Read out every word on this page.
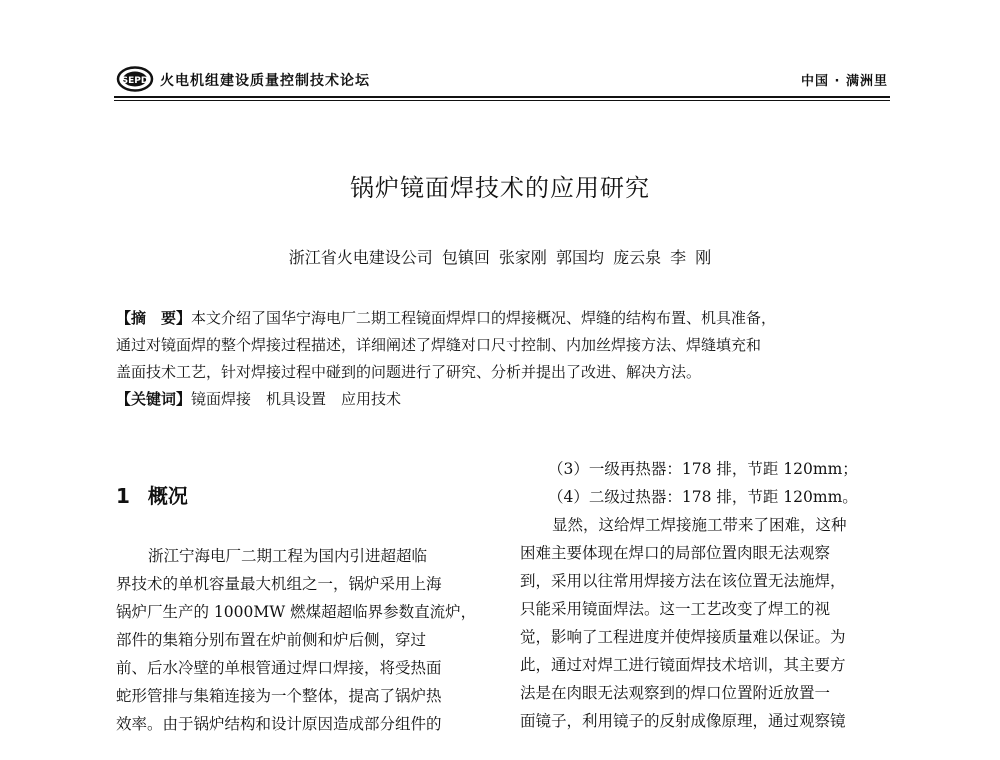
SEPD 火电机组建设质量控制技术论坛	中国 · 满洲里
锅炉镜面焊技术的应用研究
浙江省火电建设公司 包镇回 张家刚 郭国均 庞云泉 李 刚
【摘　要】本文介绍了国华宁海电厂二期工程镜面焊焊口的焊接概况、焊缝的结构布置、机具准备，
通过对镜面焊的整个焊接过程描述，详细阐述了焊缝对口尺寸控制、内加丝焊接方法、焊缝填充和
盖面技术工艺，针对焊接过程中碰到的问题进行了研究、分析并提出了改进、解决方法。
【关键词】镜面焊接　机具设置　应用技术
1 概况
浙江宁海电厂二期工程为国内引进超超临
界技术的单机容量最大机组之一，锅炉采用上海
锅炉厂生产的 1000MW 燃煤超超临界参数直流炉，
部件的集箱分别布置在炉前侧和炉后侧，穿过
前、后水冷壁的单根管通过焊口焊接，将受热面
蛇形管排与集箱连接为一个整体，提高了锅炉热
效率。由于锅炉结构和设计原因造成部分组件的
（3）一级再热器：178 排，节距 120mm；
（4）二级过热器：178 排，节距 120mm。
显然，这给焊工焊接施工带来了困难，这种
困难主要体现在焊口的局部位置肉眼无法观察
到，采用以往常用焊接方法在该位置无法施焊，
只能采用镜面焊法。这一工艺改变了焊工的视
觉，影响了工程进度并使焊接质量难以保证。为
此，通过对焊工进行镜面焊技术培训，其主要方
法是在肉眼无法观察到的焊口位置附近放置一
面镜子，利用镜子的反射成像原理，通过观察镜
